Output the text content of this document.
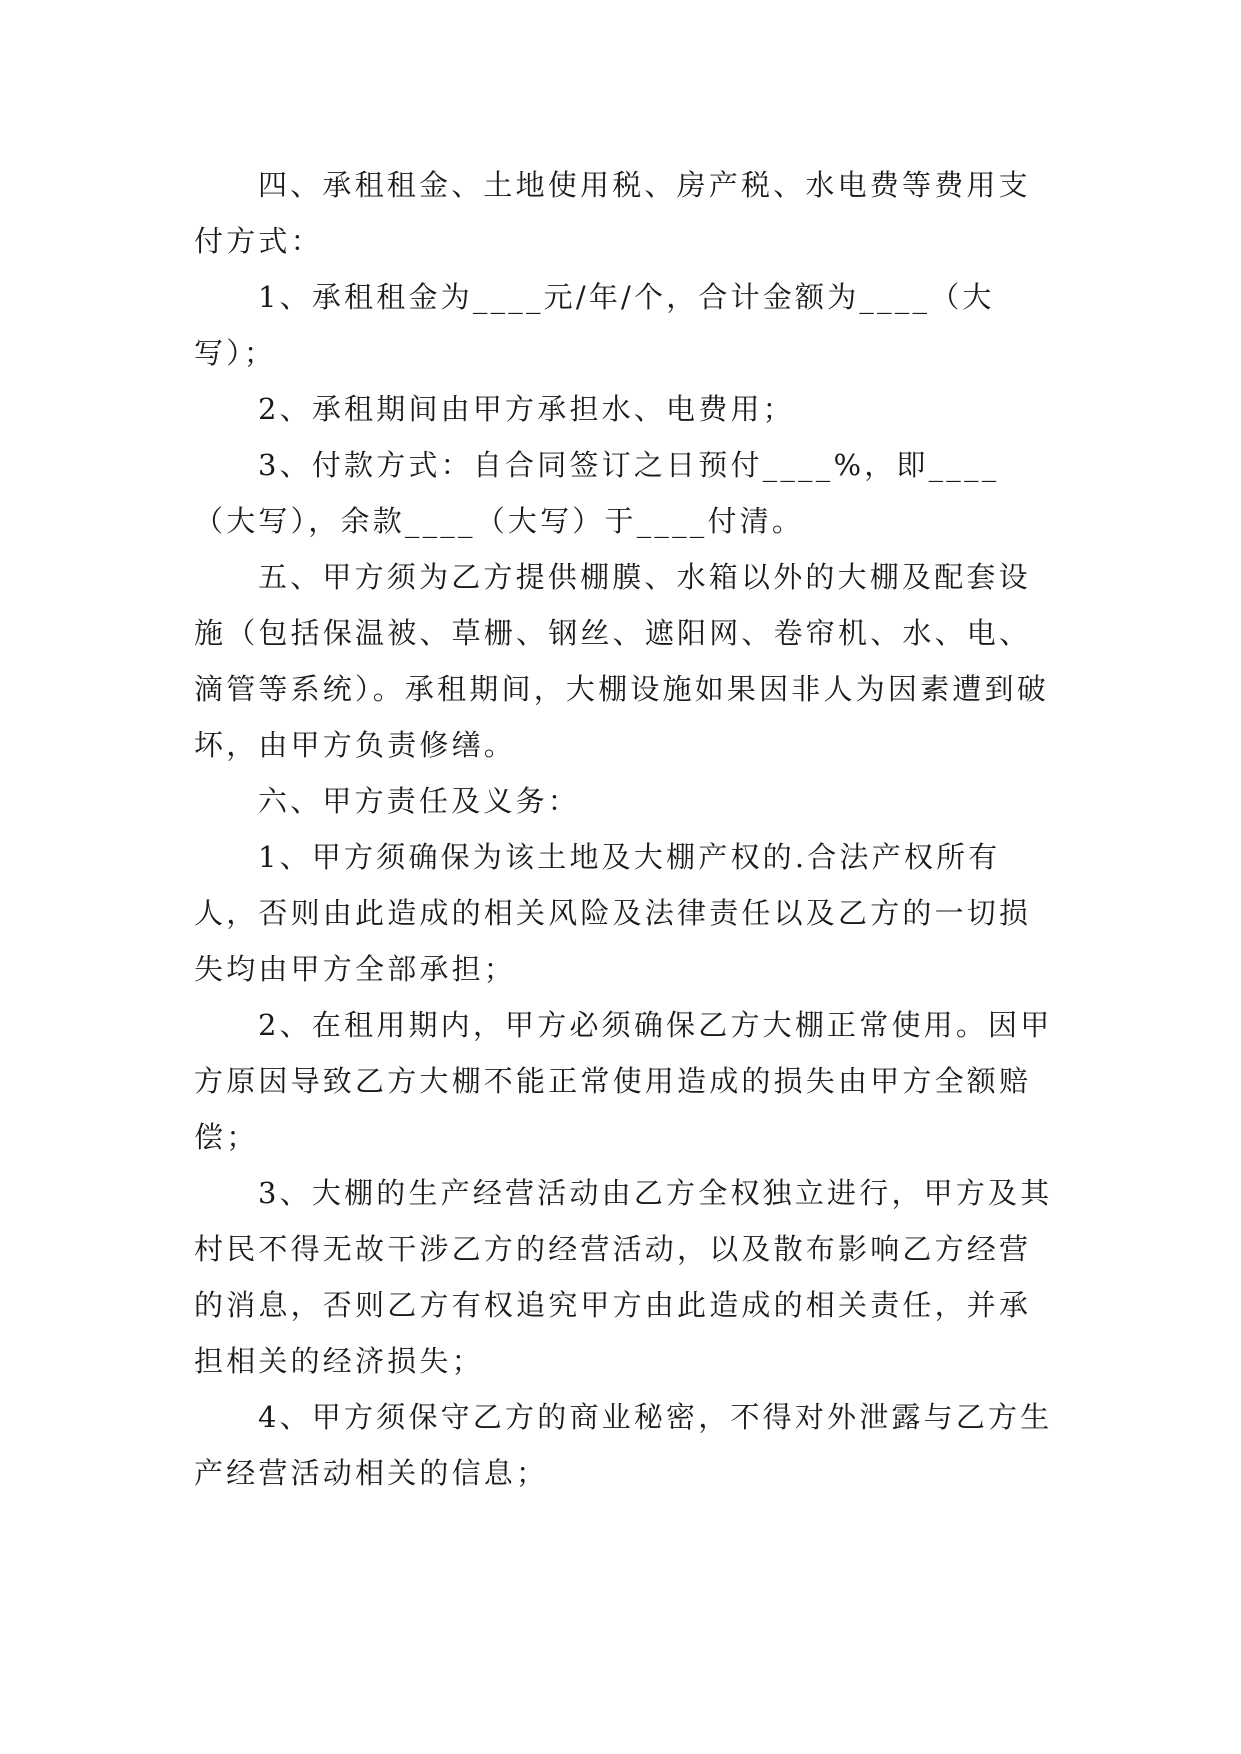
四、承租租金、土地使用税、房产税、水电费等费用支付方式：

1、承租租金为____元/年/个，合计金额为____（大写）；

2、承租期间由甲方承担水、电费用；

3、付款方式：自合同签订之日预付____%，即____（大写），余款____（大写）于____付清。

五、甲方须为乙方提供棚膜、水箱以外的大棚及配套设施（包括保温被、草栅、钢丝、遮阳网、卷帘机、水、电、滴管等系统）。承租期间，大棚设施如果因非人为因素遭到破坏，由甲方负责修缮。

六、甲方责任及义务：

1、甲方须确保为该土地及大棚产权的.合法产权所有人，否则由此造成的相关风险及法律责任以及乙方的一切损失均由甲方全部承担；

2、在租用期内，甲方必须确保乙方大棚正常使用。因甲方原因导致乙方大棚不能正常使用造成的损失由甲方全额赔偿；

3、大棚的生产经营活动由乙方全权独立进行，甲方及其村民不得无故干涉乙方的经营活动，以及散布影响乙方经营的消息，否则乙方有权追究甲方由此造成的相关责任，并承担相关的经济损失；

4、甲方须保守乙方的商业秘密，不得对外泄露与乙方生产经营活动相关的信息；
